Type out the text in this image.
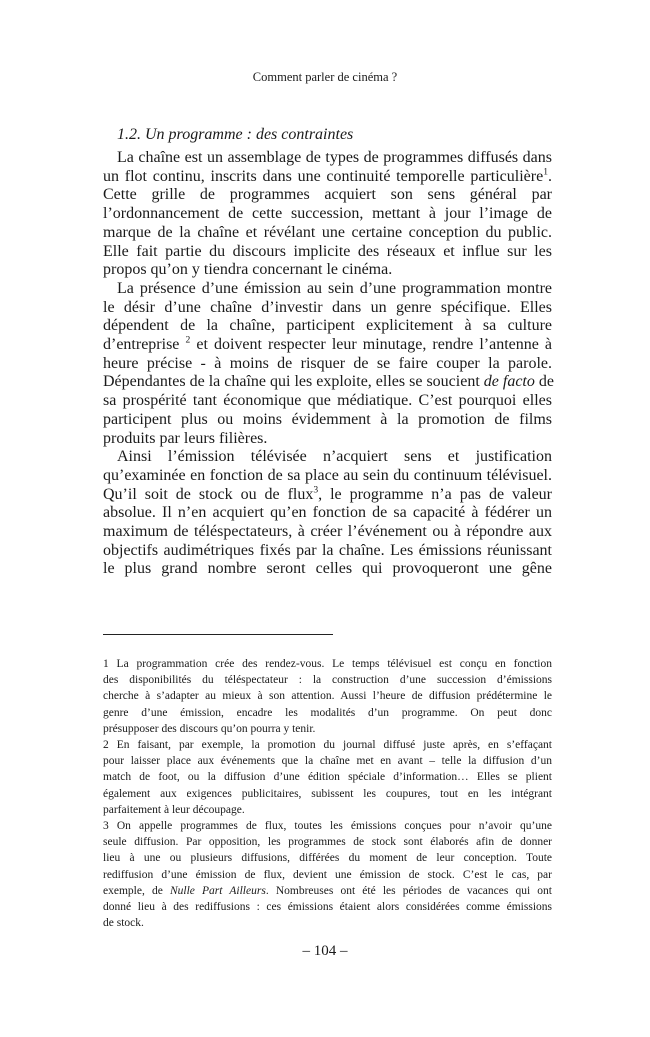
Comment parler de cinéma ?
1.2. Un programme : des contraintes
La chaîne est un assemblage de types de programmes diffusés dans
un flot continu, inscrits dans une continuité temporelle particulière$^1$.
Cette grille de programmes acquiert son sens général par
l’ordonnancement de cette succession, mettant à jour l’image de
marque de la chaîne et révélant une certaine conception du public.
Elle fait partie du discours implicite des réseaux et influe sur les
propos qu’on y tiendra concernant le cinéma.
La présence d’une émission au sein d’une programmation montre
le désir d’une chaîne d’investir dans un genre spécifique. Elles
dépendent de la chaîne, participent explicitement à sa culture
d’entreprise $^2$ et doivent respecter leur minutage, rendre l’antenne à
heure précise - à moins de risquer de se faire couper la parole.
Dépendantes de la chaîne qui les exploite, elles se soucient de facto de
sa prospérité tant économique que médiatique. C’est pourquoi elles
participent plus ou moins évidemment à la promotion de films
produits par leurs filières.
Ainsi l’émission télévisée n’acquiert sens et justification
qu’examinée en fonction de sa place au sein du continuum télévisuel.
Qu’il soit de stock ou de flux$^3$, le programme n’a pas de valeur
absolue. Il n’en acquiert qu’en fonction de sa capacité à fédérer un
maximum de téléspectateurs, à créer l’événement ou à répondre aux
objectifs audimétriques fixés par la chaîne. Les émissions réunissant
le plus grand nombre seront celles qui provoqueront une gêne
1 La programmation crée des rendez-vous. Le temps télévisuel est conçu en fonction
des disponibilités du téléspectateur : la construction d’une succession d’émissions
cherche à s’adapter au mieux à son attention. Aussi l’heure de diffusion prédétermine le
genre d’une émission, encadre les modalités d’un programme. On peut donc
présupposer des discours qu’on pourra y tenir.
2 En faisant, par exemple, la promotion du journal diffusé juste après, en s’effaçant
pour laisser place aux événements que la chaîne met en avant – telle la diffusion d’un
match de foot, ou la diffusion d’une édition spéciale d’information… Elles se plient
également aux exigences publicitaires, subissent les coupures, tout en les intégrant
parfaitement à leur découpage.
3 On appelle programmes de flux, toutes les émissions conçues pour n’avoir qu’une
seule diffusion. Par opposition, les programmes de stock sont élaborés afin de donner
lieu à une ou plusieurs diffusions, différées du moment de leur conception. Toute
rediffusion d’une émission de flux, devient une émission de stock. C’est le cas, par
exemple, de Nulle Part Ailleurs. Nombreuses ont été les périodes de vacances qui ont
donné lieu à des rediffusions : ces émissions étaient alors considérées comme émissions
de stock.
– 104 –
